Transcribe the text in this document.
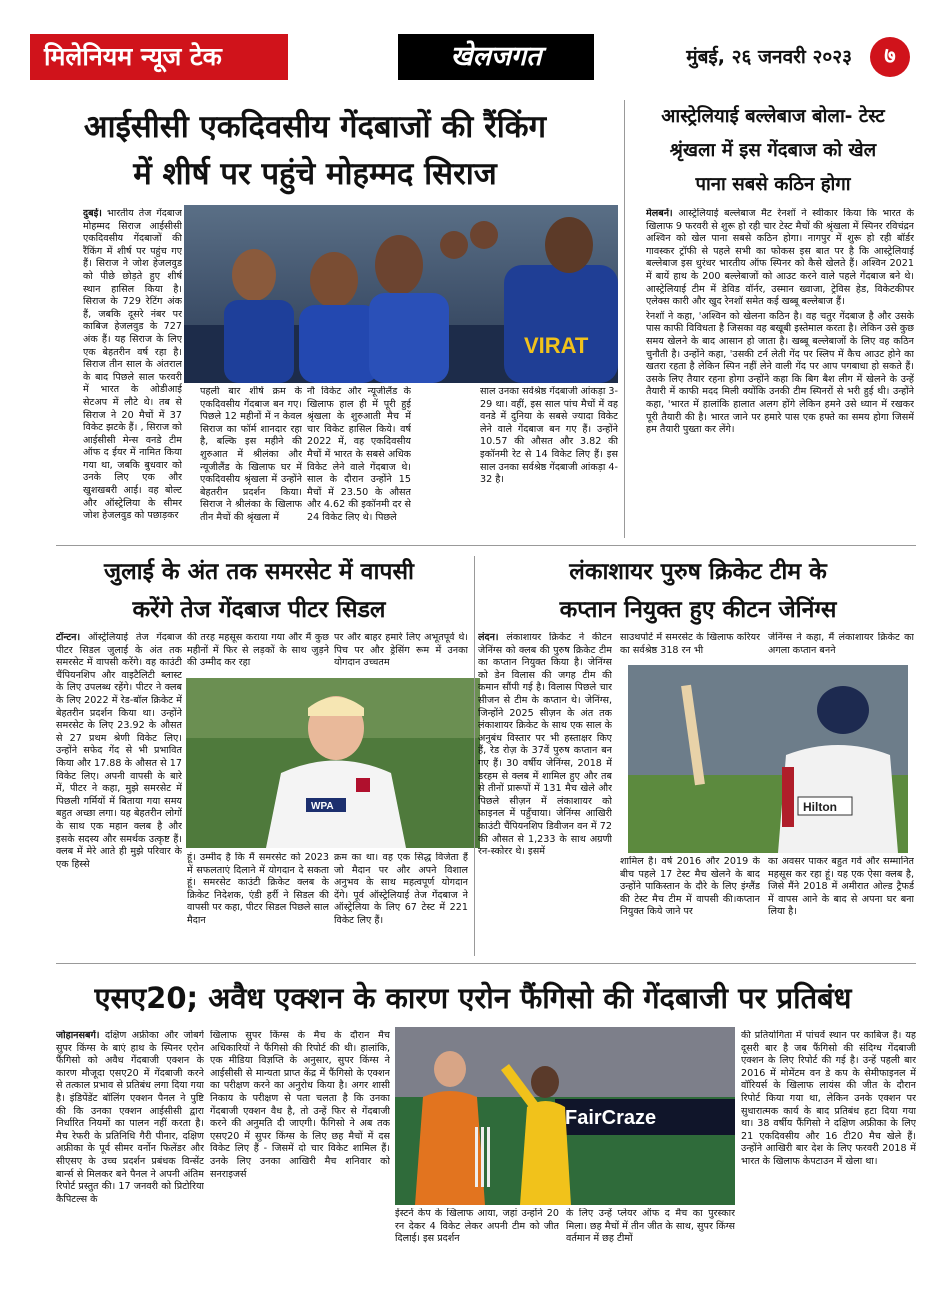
मिलेनियम न्यूज टेक	खेलजगत	मुंबई, २६ जनवरी २०२३	७
आईसीसी एकदिवसीय गेंदबाजों की रैंकिंग
में शीर्ष पर पहुंचे मोहम्मद सिराज

दुबई। भारतीय तेज गेंदबाज मोहम्मद सिराज आईसीसी एकदिवसीय गेंदबाजों की रैंकिंग में शीर्ष पर पहुंच गए हैं। सिराज ने जोश हेजलवुड को पीछे छोड़ते हुए शीर्ष स्थान हासिल किया है। सिराज के 729 रेटिंग अंक हैं, जबकि दूसरे नंबर पर काबिज हेजलवुड के 727 अंक हैं। यह सिराज के लिए एक बेहतरीन वर्ष रहा है। सिराज तीन साल के अंतराल के बाद पिछले साल फरवरी में भारत के ओडीआई सेटअप में लौटे थे। तब से सिराज ने 20 मैचों में 37 विकेट झटके हैं। , सिराज को आईसीसी मेन्स वनडे टीम ऑफ द ईयर में नामित किया गया था, जबकि बुधवार को उनके लिए एक और खुशखबरी आई। वह बोल्ट और ऑस्ट्रेलिया के सीमर जोश हेजलवुड को पछाड़कर

VIRAT

पहली बार शीर्ष क्रम के एकदिवसीय गेंदबाज बन गए। पिछले 12 महीनों में न केवल सिराज का फॉर्म शानदार रहा है, बल्कि इस महीने की शुरुआत में श्रीलंका और न्यूजीलैंड के खिलाफ घर में एकदिवसीय श्रृंखला में उन्होंने बेहतरीन प्रदर्शन किया। सिराज ने श्रीलंका के खिलाफ तीन मैचों की श्रृंखला में

नौ विकेट और न्यूजीलैंड के खिलाफ हाल ही में पूरी हुई श्रृंखला के शुरुआती मैच में चार विकेट हासिल किये। वर्ष 2022 में, वह एकदिवसीय मैचों में भारत के सबसे अधिक विकेट लेने वाले गेंदबाज थे। साल के दौरान उन्होंने 15 मैचों में 23.50 के औसत और 4.62 की इकॉनमी दर से 24 विकेट लिए थे। पिछले

साल उनका सर्वश्रेष्ठ गेंदबाजी आंकड़ा 3-29 था। वहीं, इस साल पांच मैचों में वह वनडे में दुनिया के सबसे ज्यादा विकेट लेने वाले गेंदबाज बन गए हैं। उन्होंने 10.57 की औसत और 3.82 की इकॉनमी रेट से 14 विकेट लिए हैं। इस साल उनका सर्वश्रेष्ठ गेंदबाजी आंकड़ा 4-32 है।

आस्ट्रेलियाई बल्लेबाज बोला- टेस्ट
श्रृंखला में इस गेंदबाज को खेल
पाना सबसे कठिन होगा

मेलबर्न। आस्ट्रेलियाई बल्लेबाज मैट रेनशॉ ने स्वीकार किया कि भारत के खिलाफ 9 फरवरी से शुरू हो रही चार टेस्ट मैचों की श्रृंखला में स्पिनर रविचंद्रन अश्विन को खेल पाना सबसे कठिन होगा। नागपुर में शुरू हो रही बॉर्डर गावस्कर ट्रॉफी से पहले सभी का फोकस इस बात पर है कि आस्ट्रेलियाई बल्लेबाज इस धुरंधर भारतीय ऑफ स्पिनर को कैसे खेलते हैं। अश्विन 2021 में बायें हाथ के 200 बल्लेबाजों को आउट करने वाले पहले गेंदबाज बने थे। आस्ट्रेलियाई टीम में डेविड वॉर्नर, उस्मान ख्वाजा, ट्रेविस हेड, विकेटकीपर एलेक्स कारी और खुद रेनशॉ समेत कई खब्बू बल्लेबाज हैं।

रेनशॉ ने कहा, 'अश्विन को खेलना कठिन है। वह चतुर गेंदबाज है और उसके पास काफी विविधता है जिसका वह बखूबी इस्तेमाल करता है। लेकिन उसे कुछ समय खेलने के बाद आसान हो जाता है। खब्बू बल्लेबाजों के लिए वह कठिन चुनौती है। उन्होंने कहा, 'उसकी टर्न लेती गेंद पर स्लिप में कैच आउट होने का खतरा रहता है लेकिन स्पिन नहीं लेने वाली गेंद पर आप पगबाधा हो सकते हैं। उसके लिए तैयार रहना होगा उन्होंने कहा कि बिग बैश लीग में खेलने के उन्हें तैयारी में काफी मदद मिली क्योंकि उनकी टीम स्पिनरों से भरी हुई थी। उन्होंने कहा, 'भारत में हालांकि हालात अलग होंगे लेकिन हमने उसे ध्यान में रखकर पूरी तैयारी की है। भारत जाने पर हमारे पास एक हफ्ते का समय होगा जिसमें हम तैयारी पुख्ता कर लेंगे।

जुलाई के अंत तक समरसेट में वापसी
करेंगे तेज गेंदबाज पीटर सिडल

टॉन्टन। ऑस्ट्रेलियाई तेज गेंदबाज पीटर सिडल जुलाई के अंत तक समरसेट में वापसी करेंगे। वह काउंटी चैंपियनशिप और वाइटैलिटी ब्लास्ट के लिए उपलब्ध रहेंगे। पीटर ने क्लब के लिए 2022 में रेड-बॉल क्रिकेट में बेहतरीन प्रदर्शन किया था। उन्होंने समरसेट के लिए 23.92 के औसत से 27 प्रथम श्रेणी विकेट लिए। उन्होंने सफेद गेंद से भी प्रभावित किया और 17.88 के औसत से 17 विकेट लिए। अपनी वापसी के बारे में, पीटर ने कहा, मुझे समरसेट में पिछली गर्मियों में बिताया गया समय बहुत अच्छा लगा। यह बेहतरीन लोगों के साथ एक महान क्लब है और इसके सदस्य और समर्थक उत्कृष्ट हैं। क्लब में मेरे आते ही मुझे परिवार के एक हिस्से

की तरह महसूस कराया गया और मैं कुछ महीनों में फिर से लड़कों के साथ जुड़ने की उम्मीद कर रहा

पर और बाहर हमारे लिए अभूतपूर्व थे। पिच पर और ड्रेसिंग रूम में उनका योगदान उच्चतम

WPA

हूं। उम्मीद है कि मैं समरसेट को 2023 में सफलताएं दिलाने में योगदान दे सकता हूं। समरसेट काउंटी क्रिकेट क्लब के क्रिकेट निदेशक, एंडी हर्री ने सिडल की वापसी पर कहा, पीटर सिडल पिछले साल मैदान

क्रम का था। वह एक सिद्ध विजेता हैं जो मैदान पर और अपने विशाल अनुभव के साथ महत्वपूर्ण योगदान देंगे। पूर्व ऑस्ट्रेलियाई तेज गेंदबाज ने ऑस्ट्रेलिया के लिए 67 टेस्ट में 221 विकेट लिए हैं।

लंकाशायर पुरुष क्रिकेट टीम के
कप्तान नियुक्त हुए कीटन जेनिंग्स

लंदन। लंकाशायर क्रिकेट ने कीटन जेनिंग्स को क्लब की पुरुष क्रिकेट टीम का कप्तान नियुक्त किया है। जेनिंग्स को डेन विलास की जगह टीम की कमान सौंपी गई है। विलास पिछले चार सीजन से टीम के कप्तान थे। जेनिंग्स, जिन्होंने 2025 सीज़न के अंत तक लंकाशायर क्रिकेट के साथ एक साल के अनुबंध विस्तार पर भी हस्ताक्षर किए हैं, रेड रोज़ के 37वें पुरुष कप्तान बन गए हैं। 30 वर्षीय जेनिंग्स, 2018 में डरहम से क्लब में शामिल हुए और तब से तीनों प्रारूपों में 131 मैच खेले और पिछले सीज़न में लंकाशायर को फाइनल में पहुँचाया। जेनिंग्स आखिरी काउंटी चैंपियनशिप डिवीजन वन में 72 की औसत से 1,233 के साथ अग्रणी रन-स्कोरर थे। इसमें

साउथपोर्ट में समरसेट के खिलाफ करियर का सर्वश्रेष्ठ 318 रन भी

जेनिंग्स ने कहा, मैं लंकाशायर क्रिकेट का अगला कप्तान बनने

Hilton

शामिल है। वर्ष 2016 और 2019 के बीच पहले 17 टेस्ट मैच खेलने के बाद उन्होंने पाकिस्तान के दौरे के लिए इंग्लैंड की टेस्ट मैच टीम में वापसी की।कप्तान नियुक्त किये जाने पर

का अवसर पाकर बहुत गर्व और सम्मानित महसूस कर रहा हूं। यह एक ऐसा क्लब है, जिसे मैंने 2018 में अमीरात ओल्ड ट्रैफर्ड में वापस आने के बाद से अपना घर बना लिया है।

एसए20; अवैध एक्शन के कारण एरोन फैंगिसो की गेंदबाजी पर प्रतिबंध

जोहानसबर्ग। दक्षिण अफ्रीका और जोबर्ग सुपर किंग्स के बाएं हाथ के स्पिनर एरोन फैंगिसो को अवैध गेंदबाजी एक्शन के कारण मौजूदा एसए20 में गेंदबाजी करने से तत्काल प्रभाव से प्रतिबंध लगा दिया गया है। इंडिपेंडेंट बॉलिंग एक्शन पैनल ने पुष्टि की कि उनका एक्शन आईसीसी द्वारा निर्धारित नियमों का पालन नहीं करता है। मैच रेफरी के प्रतिनिधि गैरी पीनार, दक्षिण अफ्रीका के पूर्व सीमर वर्नोन फिलेंडर और सीएसए के उच्च प्रदर्शन प्रबंधक विन्सेंट बार्न्स से मिलकर बने पैनल ने अपनी अंतिम रिपोर्ट प्रस्तुत की। 17 जनवरी को प्रिटोरिया कैपिटल्स के

खिलाफ सुपर किंग्स के मैच के दौरान मैच अधिकारियों ने फैंगिसो की रिपोर्ट की थी। हालांकि, एक मीडिया विज्ञप्ति के अनुसार, सुपर किंग्स ने आईसीसी से मान्यता प्राप्त केंद्र में फैंगिसो के एक्शन का परीक्षण करने का अनुरोध किया है। अगर शासी निकाय के परीक्षण से पता चलता है कि उनका गेंदबाजी एक्शन वैध है, तो उन्हें फिर से गेंदबाजी करने की अनुमति दी जाएगी। फैंगिसो ने अब तक एसए20 में सुपर किंग्स के लिए छह मैचों में दस विकेट लिए हैं - जिसमें दो चार विकेट शामिल हैं। उनके लिए उनका आखिरी मैच शनिवार को सनराइजर्स

FairCraze

ईस्टर्न केप के खिलाफ आया, जहां उन्होंने 20 रन देकर 4 विकेट लेकर अपनी टीम को जीत दिलाई। इस प्रदर्शन

के लिए उन्हें प्लेयर ऑफ द मैच का पुरस्कार मिला। छह मैचों में तीन जीत के साथ, सुपर किंग्स वर्तमान में छह टीमों

की प्रतियोगिता में पांचवें स्थान पर काबिज है। यह दूसरी बार है जब फैंगिसो की संदिग्ध गेंदबाजी एक्शन के लिए रिपोर्ट की गई है। उन्हें पहली बार 2016 में मोमेंटम वन डे कप के सेमीफाइनल में वॉरियर्स के खिलाफ लायंस की जीत के दौरान रिपोर्ट किया गया था, लेकिन उनके एक्शन पर सुधारात्मक कार्य के बाद प्रतिबंध हटा दिया गया था। 38 वर्षीय फैंगिसो ने दक्षिण अफ्रीका के लिए 21 एकदिवसीय और 16 टी20 मैच खेले हैं। उन्होंने आखिरी बार देश के लिए फरवरी 2018 में भारत के खिलाफ केपटाउन में खेला था।
